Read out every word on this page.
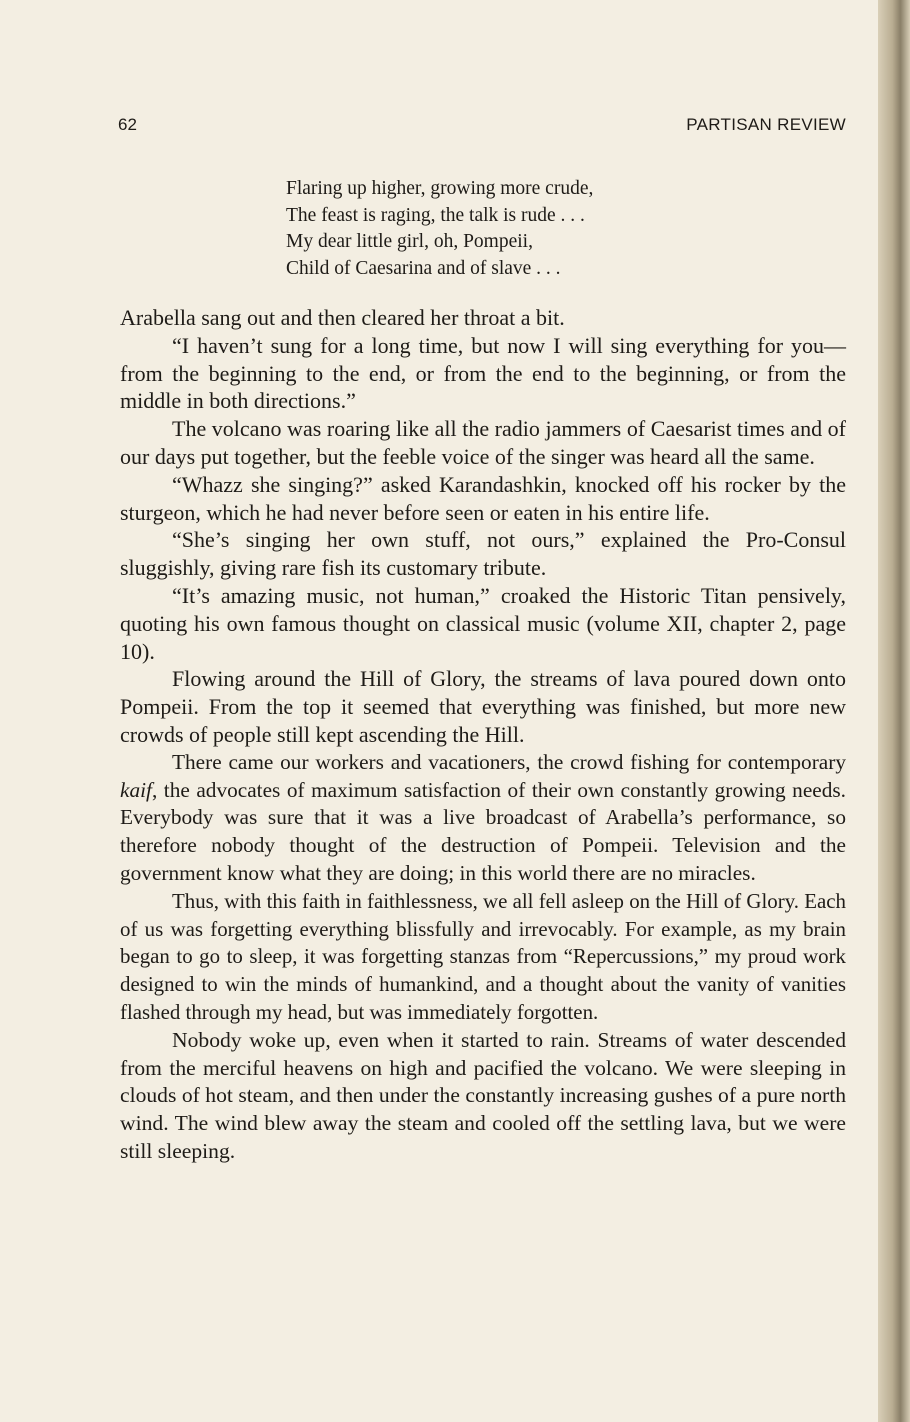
62	PARTISAN REVIEW
Flaring up higher, growing more crude,
The feast is raging, the talk is rude . . .
My dear little girl, oh, Pompeii,
Child of Caesarina and of slave . . .

Arabella sang out and then cleared her throat a bit.

“I haven’t sung for a long time, but now I will sing everything for you—from the beginning to the end, or from the end to the beginning, or from the middle in both directions.”

The volcano was roaring like all the radio jammers of Caesarist times and of our days put together, but the feeble voice of the singer was heard all the same.

“Whazz she singing?” asked Karandashkin, knocked off his rocker by the sturgeon, which he had never before seen or eaten in his entire life.

“She’s singing her own stuff, not ours,” explained the Pro-Consul sluggishly, giving rare fish its customary tribute.

“It’s amazing music, not human,” croaked the Historic Titan pensively, quoting his own famous thought on classical music (volume XII, chapter 2, page 10).

Flowing around the Hill of Glory, the streams of lava poured down onto Pompeii. From the top it seemed that everything was finished, but more new crowds of people still kept ascending the Hill.

There came our workers and vacationers, the crowd fishing for contemporary kaif, the advocates of maximum satisfaction of their own constantly growing needs. Everybody was sure that it was a live broadcast of Arabella’s performance, so therefore nobody thought of the destruction of Pompeii. Television and the government know what they are doing; in this world there are no miracles.

Thus, with this faith in faithlessness, we all fell asleep on the Hill of Glory. Each of us was forgetting everything blissfully and irrevocably. For example, as my brain began to go to sleep, it was forgetting stanzas from “Repercussions,” my proud work designed to win the minds of humankind, and a thought about the vanity of vanities flashed through my head, but was immediately forgotten.

Nobody woke up, even when it started to rain. Streams of water descended from the merciful heavens on high and pacified the volcano. We were sleeping in clouds of hot steam, and then under the constantly increasing gushes of a pure north wind. The wind blew away the steam and cooled off the settling lava, but we were still sleeping.
